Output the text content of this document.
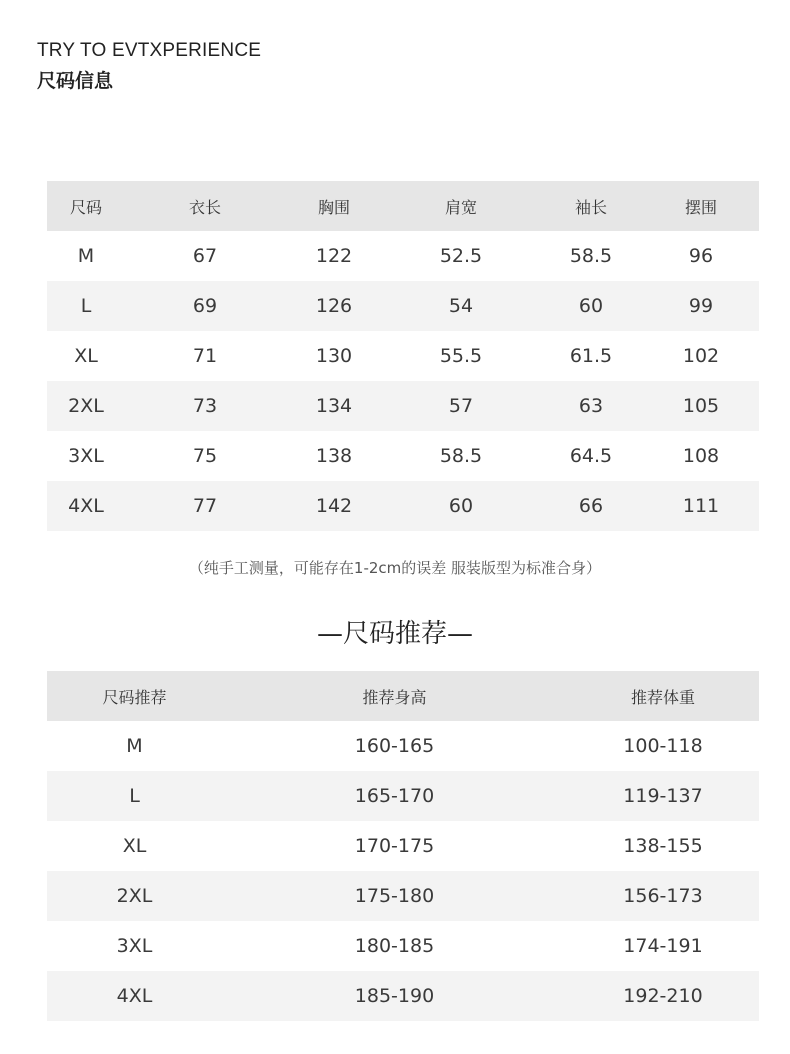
TRY TO EVTXPERIENCE
尺码信息
尺码	衣长	胸围	肩宽	袖长	摆围
M	67	122	52.5	58.5	96
L	69	126	54	60	99
XL	71	130	55.5	61.5	102
2XL	73	134	57	63	105
3XL	75	138	58.5	64.5	108
4XL	77	142	60	66	111
（纯手工测量，可能存在1-2cm的误差 服装版型为标准合身）
—尺码推荐—
尺码推荐	推荐身高	推荐体重
M	160-165	100-118
L	165-170	119-137
XL	170-175	138-155
2XL	175-180	156-173
3XL	180-185	174-191
4XL	185-190	192-210
